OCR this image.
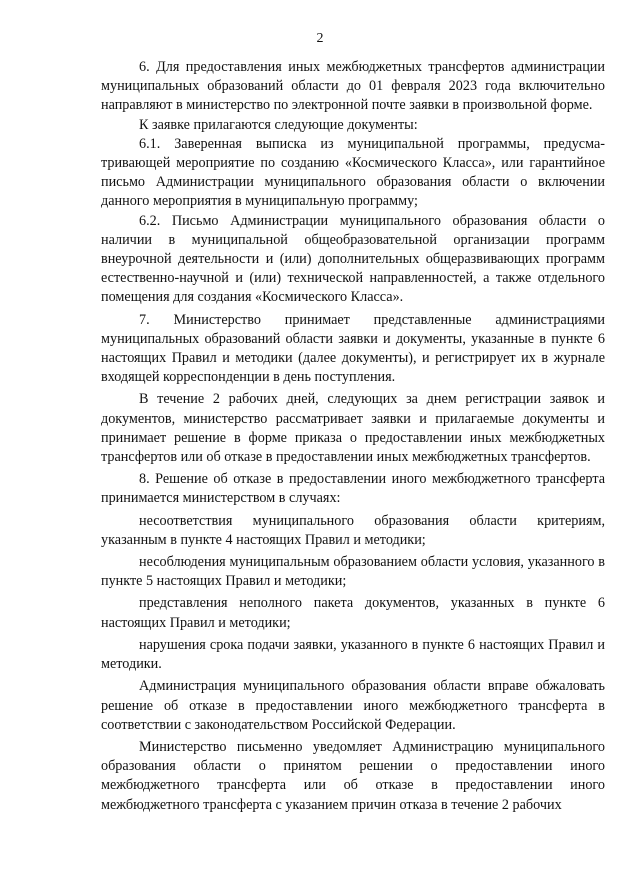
2

6. Для предоставления иных межбюджетных трансфертов администрации муниципальных образований области до 01 февраля 2023 года включительно направляют в министерство по электронной почте заявки в произвольной форме.

К заявке прилагаются следующие документы:

6.1. Заверенная выписка из муниципальной программы, предусматривающей мероприятие по созданию «Космического Класса», или гарантийное письмо Администрации муниципального образования области о включении данного мероприятия в муниципальную программу;

6.2. Письмо Администрации муниципального образования области о наличии в муниципальной общеобразовательной организации программ внеурочной деятельности и (или) дополнительных общеразвивающих программ естественно-научной и (или) технической направленностей, а также отдельного помещения для создания «Космического Класса».

7. Министерство принимает представленные администрациями муниципальных образований области заявки и документы, указанные в пункте 6 настоящих Правил и методики (далее документы), и регистрирует их в журнале входящей корреспонденции в день поступления.

В течение 2 рабочих дней, следующих за днем регистрации заявок и документов, министерство рассматривает заявки и прилагаемые документы и принимает решение в форме приказа о предоставлении иных межбюджетных трансфертов или об отказе в предоставлении иных межбюджетных трансфертов.

8. Решение об отказе в предоставлении иного межбюджетного трансферта принимается министерством в случаях:

несоответствия муниципального образования области критериям, указанным в пункте 4 настоящих Правил и методики;

несоблюдения муниципальным образованием области условия, указанного в пункте 5 настоящих Правил и методики;

представления неполного пакета документов, указанных в пункте 6 настоящих Правил и методики;

нарушения срока подачи заявки, указанного в пункте 6 настоящих Правил и методики.

Администрация муниципального образования области вправе обжаловать решение об отказе в предоставлении иного межбюджетного трансферта в соответствии с законодательством Российской Федерации.

Министерство письменно уведомляет Администрацию муниципального образования области о принятом решении о предоставлении иного межбюджетного трансферта или об отказе в предоставлении иного межбюджетного трансферта с указанием причин отказа в течение 2 рабочих
